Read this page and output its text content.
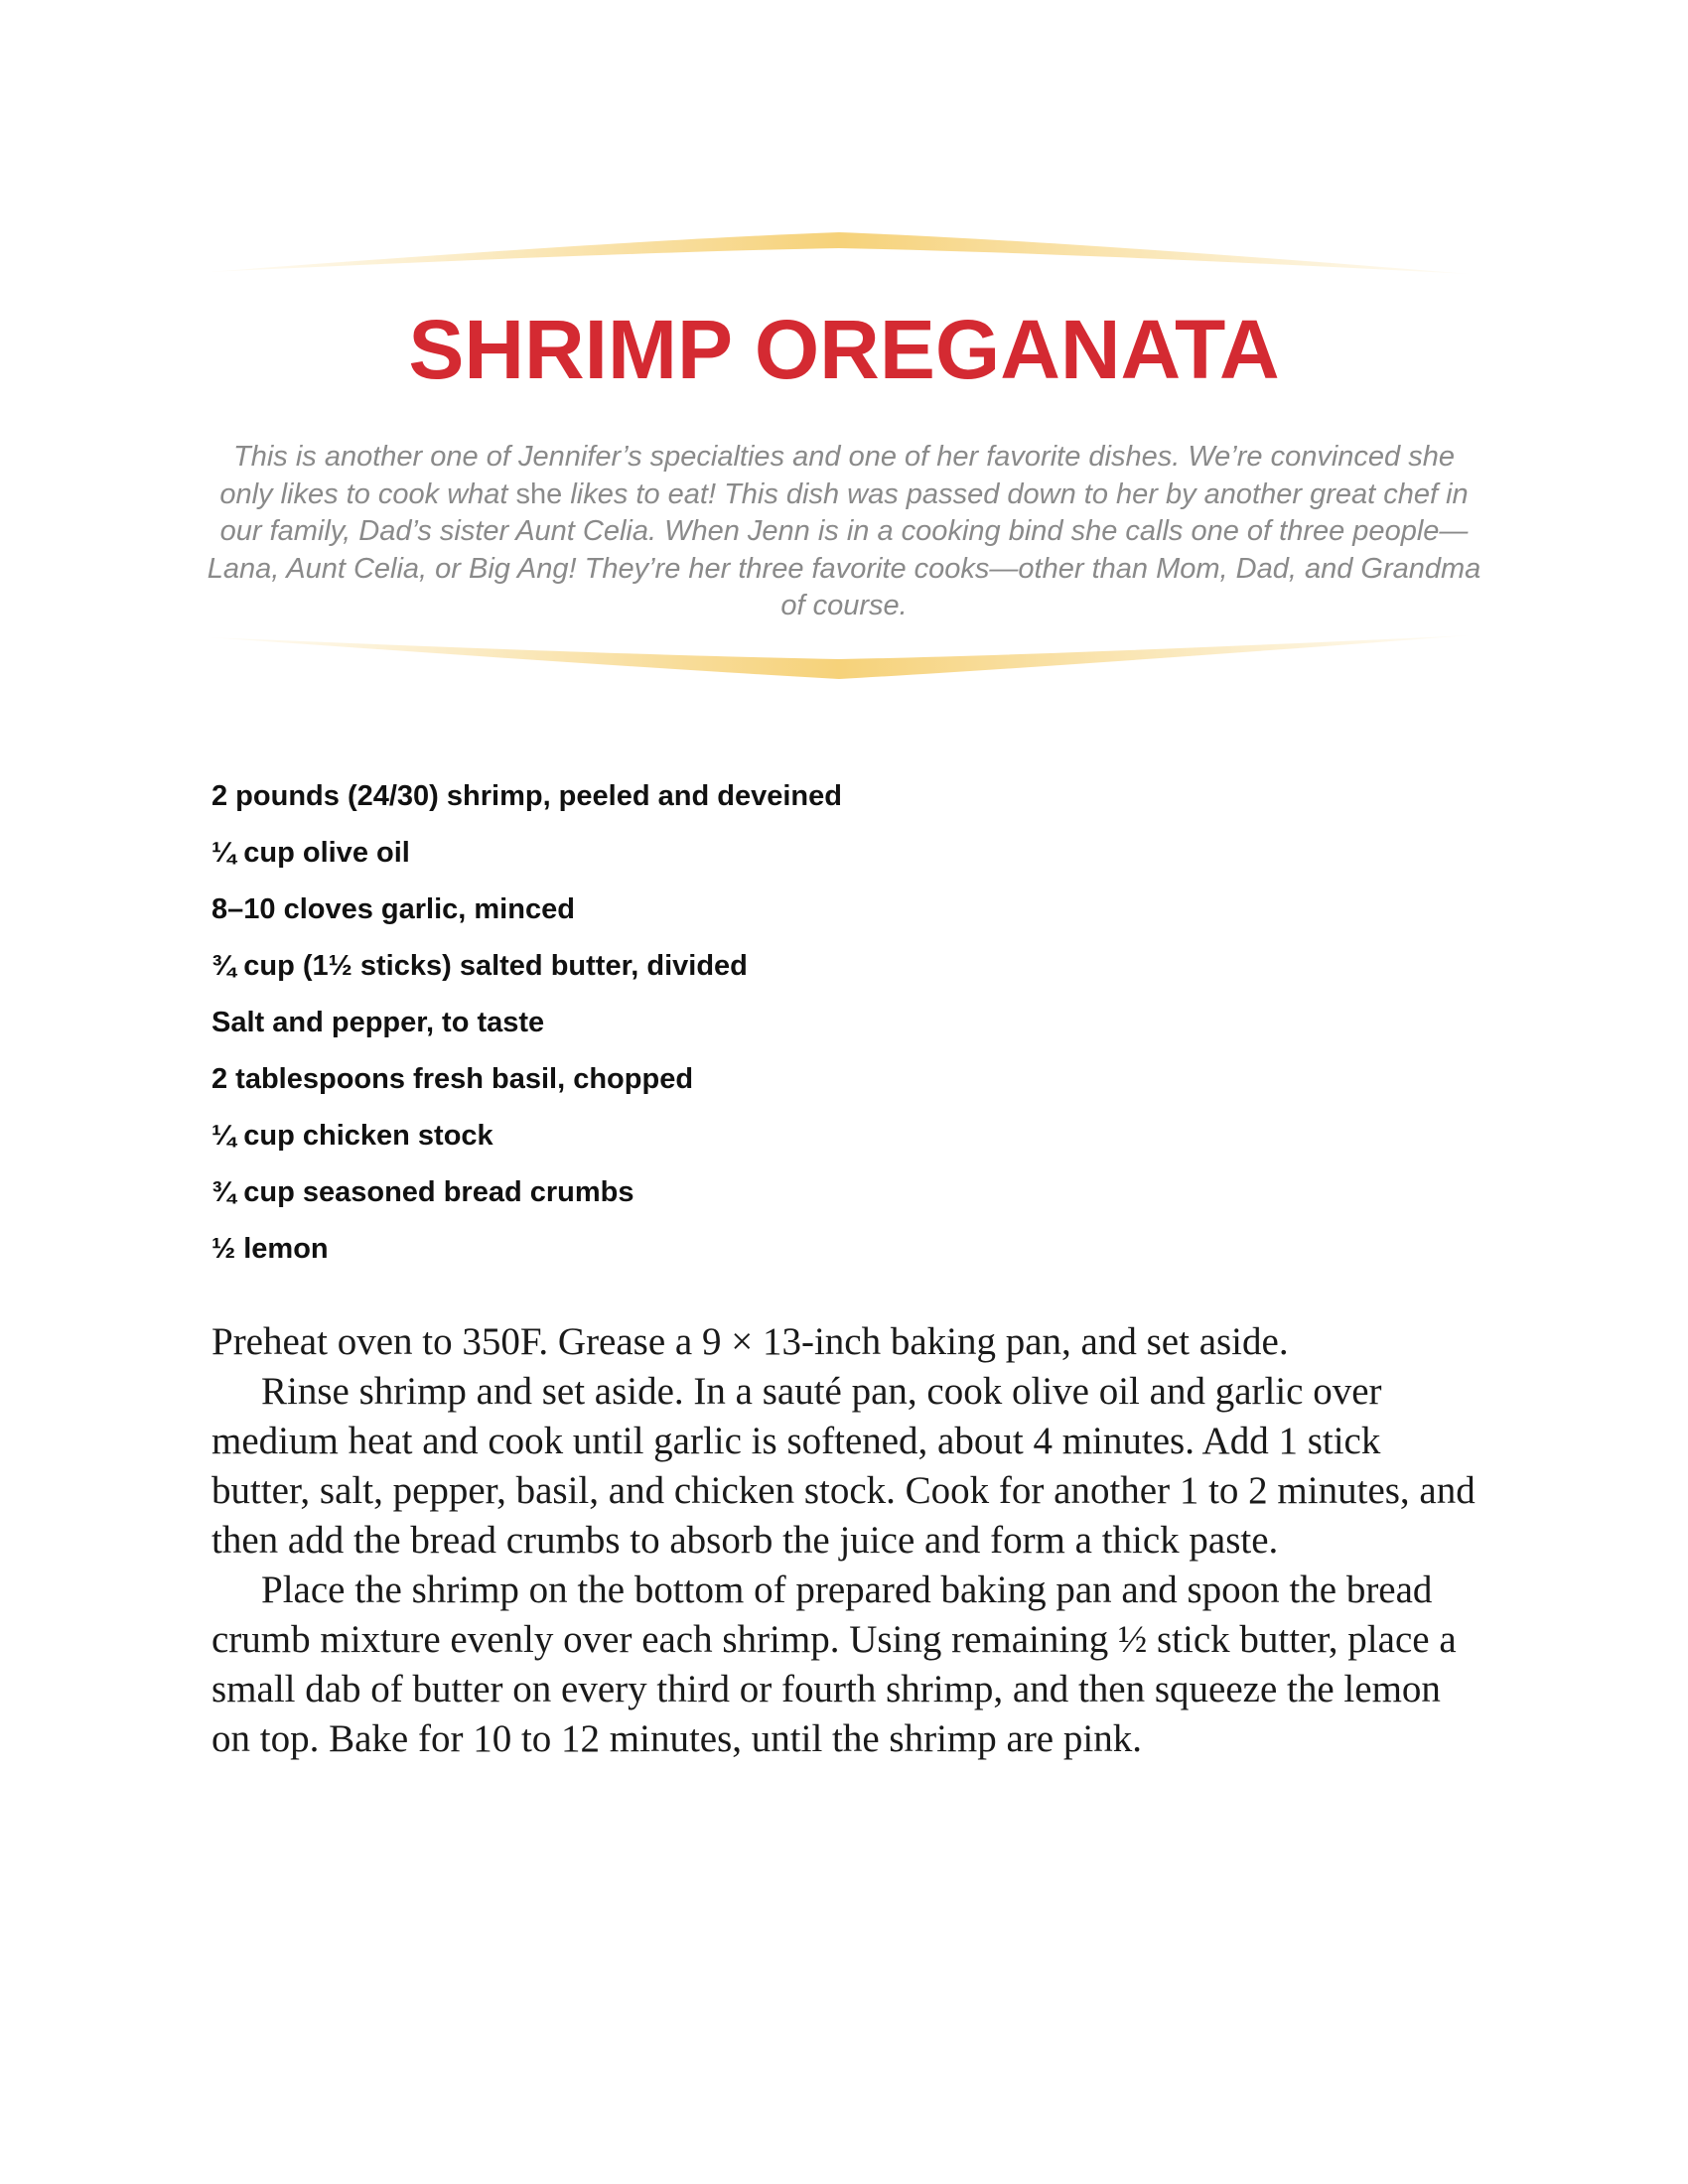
SHRIMP OREGANATA

This is another one of Jennifer’s specialties and one of her favorite dishes. We’re convinced she only likes to cook what she likes to eat! This dish was passed down to her by another great chef in our family, Dad’s sister Aunt Celia. When Jenn is in a cooking bind she calls one of three people—Lana, Aunt Celia, or Big Ang! They’re her three favorite cooks—other than Mom, Dad, and Grandma of course.

2 pounds (24/30) shrimp, peeled and deveined
¼ cup olive oil
8–10 cloves garlic, minced
¾ cup (1½ sticks) salted butter, divided
Salt and pepper, to taste
2 tablespoons fresh basil, chopped
¼ cup chicken stock
¾ cup seasoned bread crumbs
½ lemon

Preheat oven to 350F. Grease a 9 × 13-inch baking pan, and set aside.

Rinse shrimp and set aside. In a sauté pan, cook olive oil and garlic over medium heat and cook until garlic is softened, about 4 minutes. Add 1 stick butter, salt, pepper, basil, and chicken stock. Cook for another 1 to 2 minutes, and then add the bread crumbs to absorb the juice and form a thick paste.

Place the shrimp on the bottom of prepared baking pan and spoon the bread crumb mixture evenly over each shrimp. Using remaining ½ stick butter, place a small dab of butter on every third or fourth shrimp, and then squeeze the lemon on top. Bake for 10 to 12 minutes, until the shrimp are pink.
